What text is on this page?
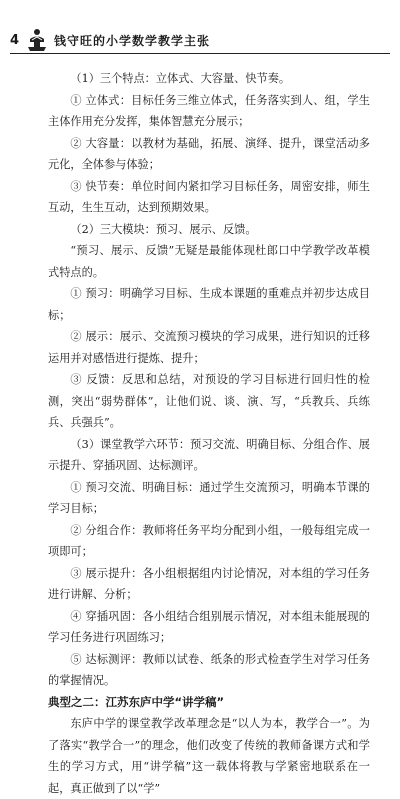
4	钱守旺的小学数学教学主张

（1）三个特点：立体式、大容量、快节奏。

① 立体式：目标任务三维立体式，任务落实到人、组，学生主体作用充分发挥，集体智慧充分展示；

② 大容量：以教材为基础，拓展、演绎、提升，课堂活动多元化，全体参与体验；

③ 快节奏：单位时间内紧扣学习目标任务，周密安排，师生互动，生生互动，达到预期效果。

（2）三大模块：预习、展示、反馈。

“预习、展示、反馈”无疑是最能体现杜郎口中学教学改革模式特点的。

① 预习：明确学习目标、生成本课题的重难点并初步达成目标；

② 展示：展示、交流预习模块的学习成果，进行知识的迁移运用并对感悟进行提炼、提升；

③ 反馈：反思和总结，对预设的学习目标进行回归性的检测，突出“弱势群体”，让他们说、谈、演、写，“兵教兵、兵练兵、兵强兵”。

（3）课堂教学六环节：预习交流、明确目标、分组合作、展示提升、穿插巩固、达标测评。

① 预习交流、明确目标：通过学生交流预习，明确本节课的学习目标；

② 分组合作：教师将任务平均分配到小组，一般每组完成一项即可；

③ 展示提升：各小组根据组内讨论情况，对本组的学习任务进行讲解、分析；

④ 穿插巩固：各小组结合组别展示情况，对本组未能展现的学习任务进行巩固练习；

⑤ 达标测评：教师以试卷、纸条的形式检查学生对学习任务的掌握情况。

典型之二：江苏东庐中学“讲学稿”

东庐中学的课堂教学改革理念是“以人为本，教学合一”。为了落实“教学合一”的理念，他们改变了传统的教师备课方式和学生的学习方式，用“讲学稿”这一载体将教与学紧密地联系在一起，真正做到了以“学”
